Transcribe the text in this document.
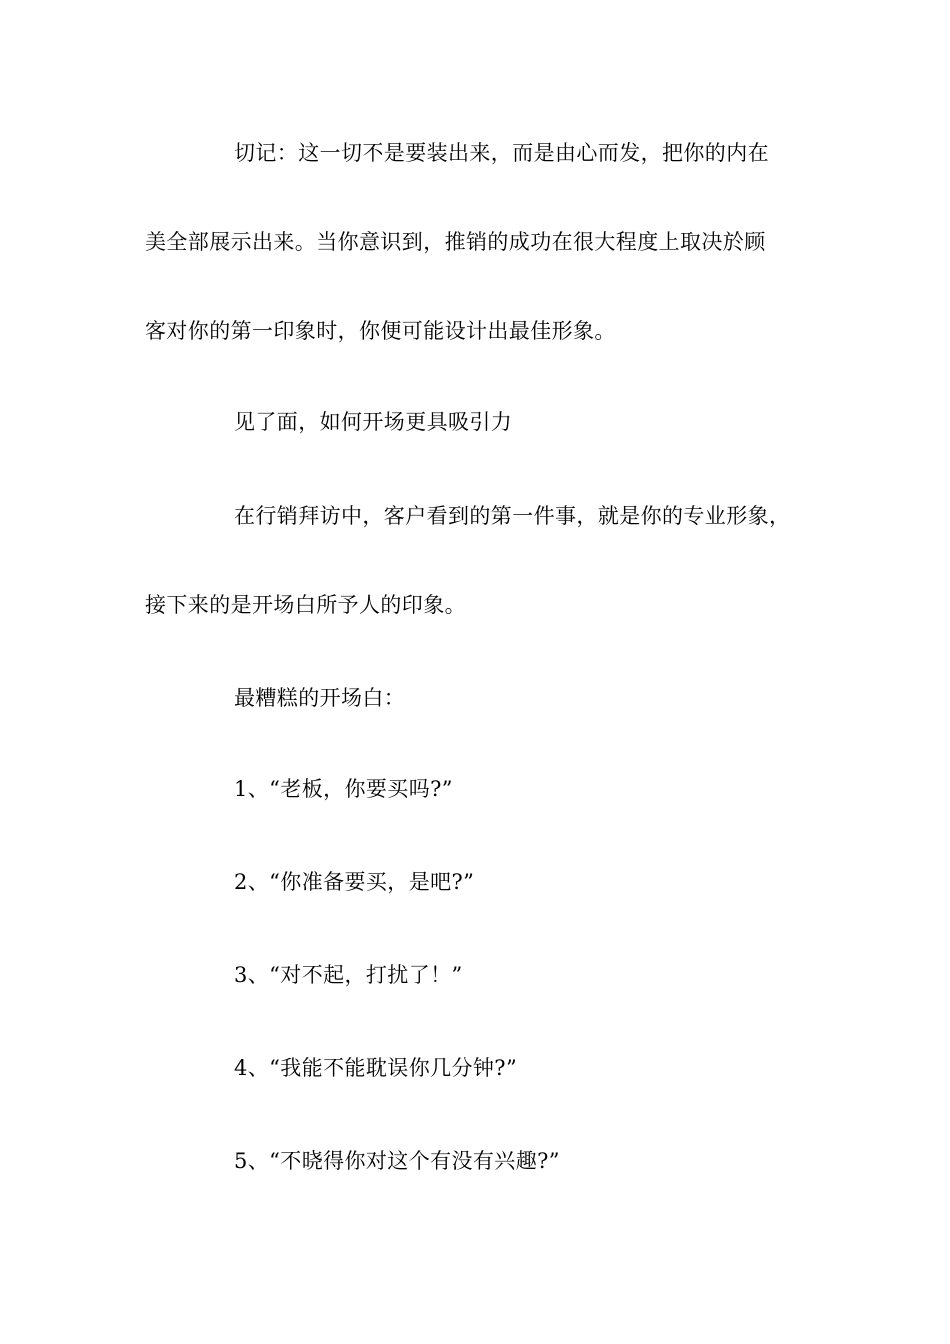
切记：这一切不是要装出来，而是由心而发，把你的内在
美全部展示出来。当你意识到，推销的成功在很大程度上取决於顾
客对你的第一印象时，你便可能设计出最佳形象。
见了面，如何开场更具吸引力
在行销拜访中，客户看到的第一件事，就是你的专业形象，
接下来的是开场白所予人的印象。
最糟糕的开场白：
1、“老板，你要买吗?”
2、“你准备要买，是吧?”
3、“对不起，打扰了！”
4、“我能不能耽误你几分钟?”
5、“不晓得你对这个有没有兴趣?”
